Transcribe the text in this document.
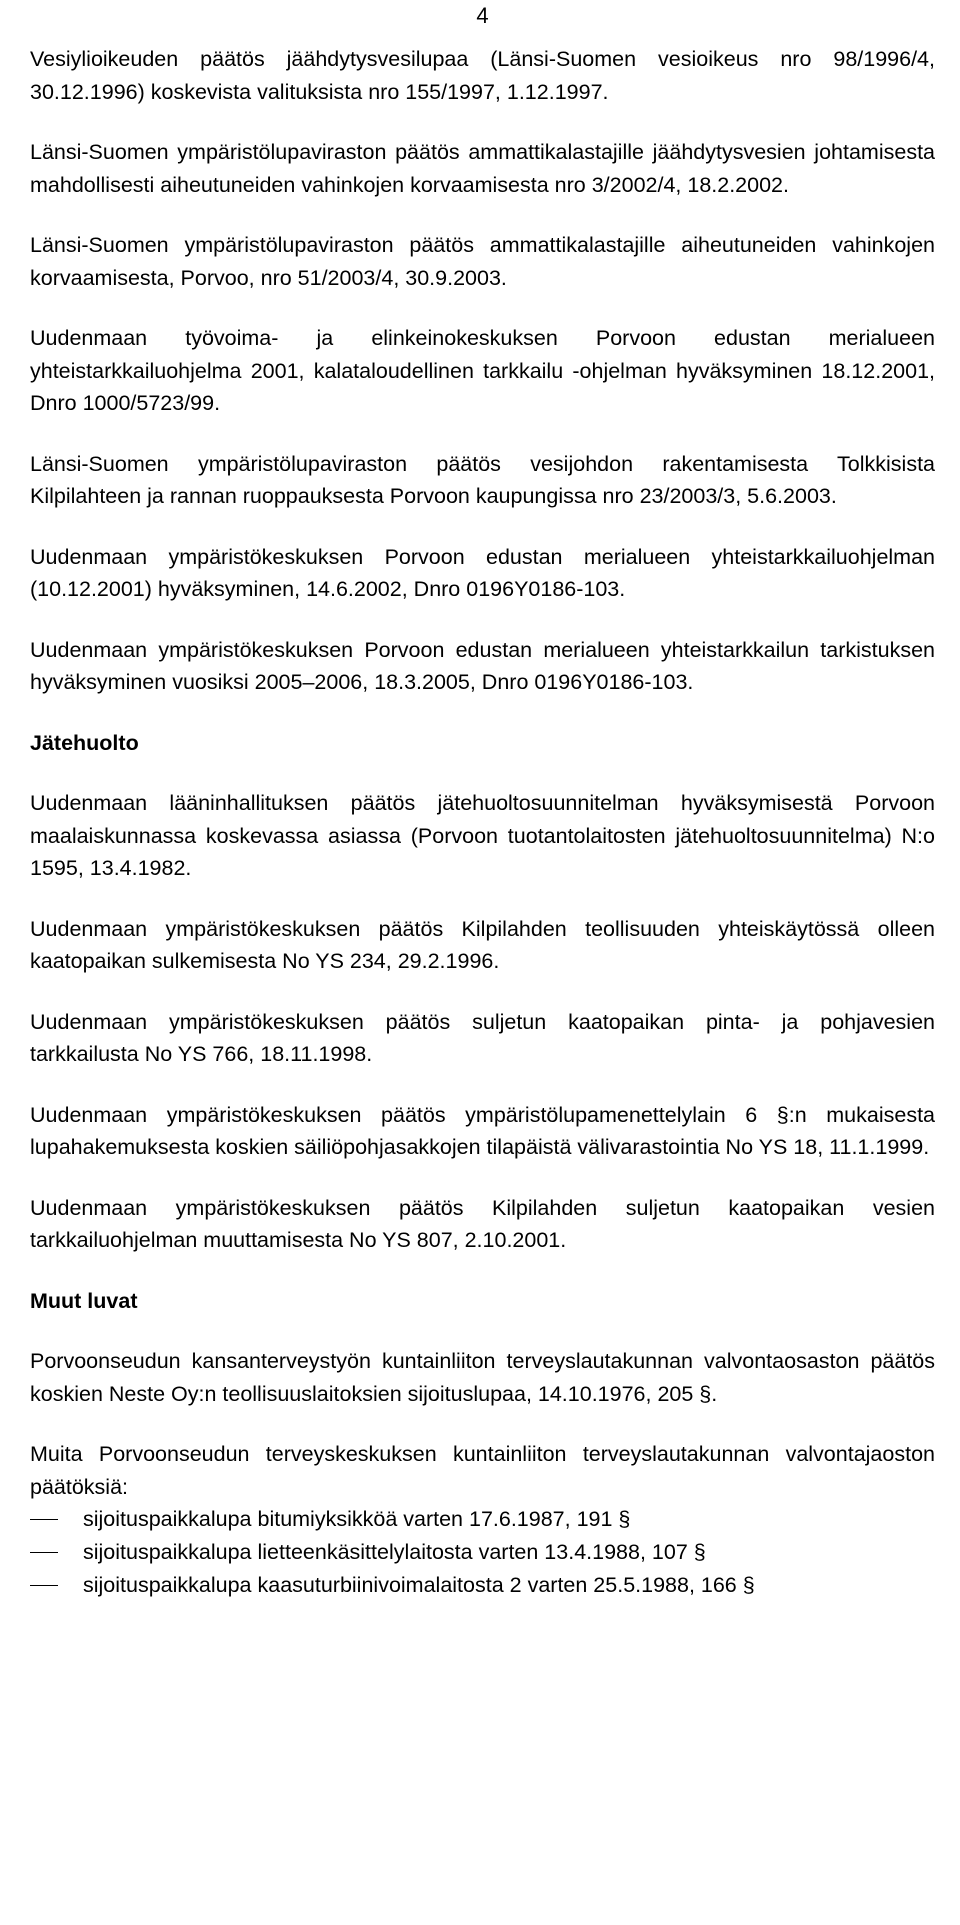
4

Vesiylioikeuden päätös jäähdytysvesilupaa (Länsi-Suomen vesioikeus nro 98/1996/4, 30.12.1996) koskevista valituksista nro 155/1997, 1.12.1997.

Länsi-Suomen ympäristölupaviraston päätös ammattikalastajille jäähdytysvesien johtamisesta mahdollisesti aiheutuneiden vahinkojen korvaamisesta nro 3/2002/4, 18.2.2002.

Länsi-Suomen ympäristölupaviraston päätös ammattikalastajille aiheutuneiden vahinkojen korvaamisesta, Porvoo, nro 51/2003/4, 30.9.2003.

Uudenmaan työvoima- ja elinkeinokeskuksen Porvoon edustan merialueen yhteistarkkailuohjelma 2001, kalataloudellinen tarkkailu -ohjelman hyväksyminen 18.12.2001, Dnro 1000/5723/99.

Länsi-Suomen ympäristölupaviraston päätös vesijohdon rakentamisesta Tolkkisista Kilpilahteen ja rannan ruoppauksesta Porvoon kaupungissa nro 23/2003/3, 5.6.2003.

Uudenmaan ympäristökeskuksen Porvoon edustan merialueen yhteistarkkailuohjelman (10.12.2001) hyväksyminen, 14.6.2002, Dnro 0196Y0186-103.

Uudenmaan ympäristökeskuksen Porvoon edustan merialueen yhteistarkkailun tarkistuksen hyväksyminen vuosiksi 2005–2006, 18.3.2005, Dnro 0196Y0186-103.

Jätehuolto

Uudenmaan lääninhallituksen päätös jätehuoltosuunnitelman hyväksymisestä Porvoon maalaiskunnassa koskevassa asiassa (Porvoon tuotantolaitosten jätehuoltosuunnitelma) N:o 1595, 13.4.1982.

Uudenmaan ympäristökeskuksen päätös Kilpilahden teollisuuden yhteiskäytössä olleen kaatopaikan sulkemisesta No YS 234, 29.2.1996.

Uudenmaan ympäristökeskuksen päätös suljetun kaatopaikan pinta- ja pohjavesien tarkkailusta No YS 766, 18.11.1998.

Uudenmaan ympäristökeskuksen päätös ympäristölupamenettelylain 6 §:n mukaisesta lupahakemuksesta koskien säiliöpohjasakkojen tilapäistä välivarastointia No YS 18, 11.1.1999.

Uudenmaan ympäristökeskuksen päätös Kilpilahden suljetun kaatopaikan vesien tarkkailuohjelman muuttamisesta No YS 807, 2.10.2001.

Muut luvat

Porvoonseudun kansanterveystyön kuntainliiton terveyslautakunnan valvontaosaston päätös koskien Neste Oy:n teollisuuslaitoksien sijoituslupaa, 14.10.1976, 205 §.

Muita Porvoonseudun terveyskeskuksen kuntainliiton terveyslautakunnan valvontajaoston päätöksiä:

sijoituspaikkalupa bitumiyksikköä varten 17.6.1987, 191 §
sijoituspaikkalupa lietteenkäsittelylaitosta varten 13.4.1988, 107 §
sijoituspaikkalupa kaasuturbiinivoimalaitosta 2 varten 25.5.1988, 166 §
